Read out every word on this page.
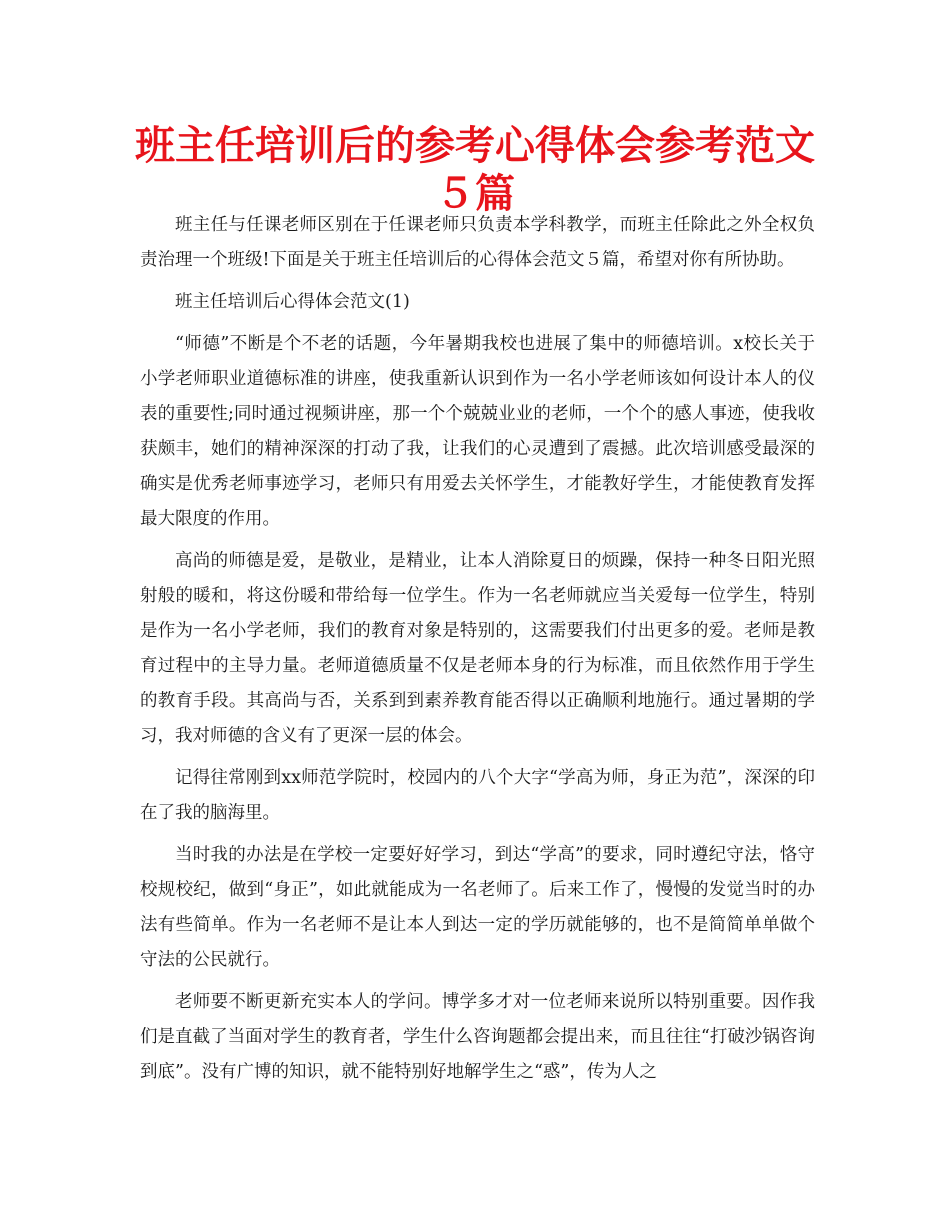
班主任培训后的参考心得体会参考范文５篇

班主任与任课老师区别在于任课老师只负责本学科教学，而班主任除此之外全权负责治理一个班级!下面是关于班主任培训后的心得体会范文５篇，希望对你有所协助。

班主任培训后心得体会范文(1)

“师德”不断是个不老的话题，今年暑期我校也进展了集中的师德培训。x校长关于小学老师职业道德标准的讲座，使我重新认识到作为一名小学老师该如何设计本人的仪表的重要性;同时通过视频讲座，那一个个兢兢业业的老师，一个个的感人事迹，使我收获颇丰，她们的精神深深的打动了我，让我们的心灵遭到了震撼。此次培训感受最深的确实是优秀老师事迹学习，老师只有用爱去关怀学生，才能教好学生，才能使教育发挥最大限度的作用。

高尚的师德是爱，是敬业，是精业，让本人消除夏日的烦躁，保持一种冬日阳光照射般的暖和，将这份暖和带给每一位学生。作为一名老师就应当关爱每一位学生，特别是作为一名小学老师，我们的教育对象是特别的，这需要我们付出更多的爱。老师是教育过程中的主导力量。老师道德质量不仅是老师本身的行为标准，而且依然作用于学生的教育手段。其高尚与否，关系到到素养教育能否得以正确顺利地施行。通过暑期的学习，我对师德的含义有了更深一层的体会。

记得往常刚到xx师范学院时，校园内的八个大字“学高为师，身正为范”，深深的印在了我的脑海里。

当时我的办法是在学校一定要好好学习，到达“学高”的要求，同时遵纪守法，恪守校规校纪，做到“身正”，如此就能成为一名老师了。后来工作了，慢慢的发觉当时的办法有些简单。作为一名老师不是让本人到达一定的学历就能够的，也不是简简单单做个守法的公民就行。

老师要不断更新充实本人的学问。博学多才对一位老师来说所以特别重要。因作我们是直截了当面对学生的教育者，学生什么咨询题都会提出来，而且往往“打破沙锅咨询到底”。没有广博的知识，就不能特别好地解学生之“惑”，传为人之
